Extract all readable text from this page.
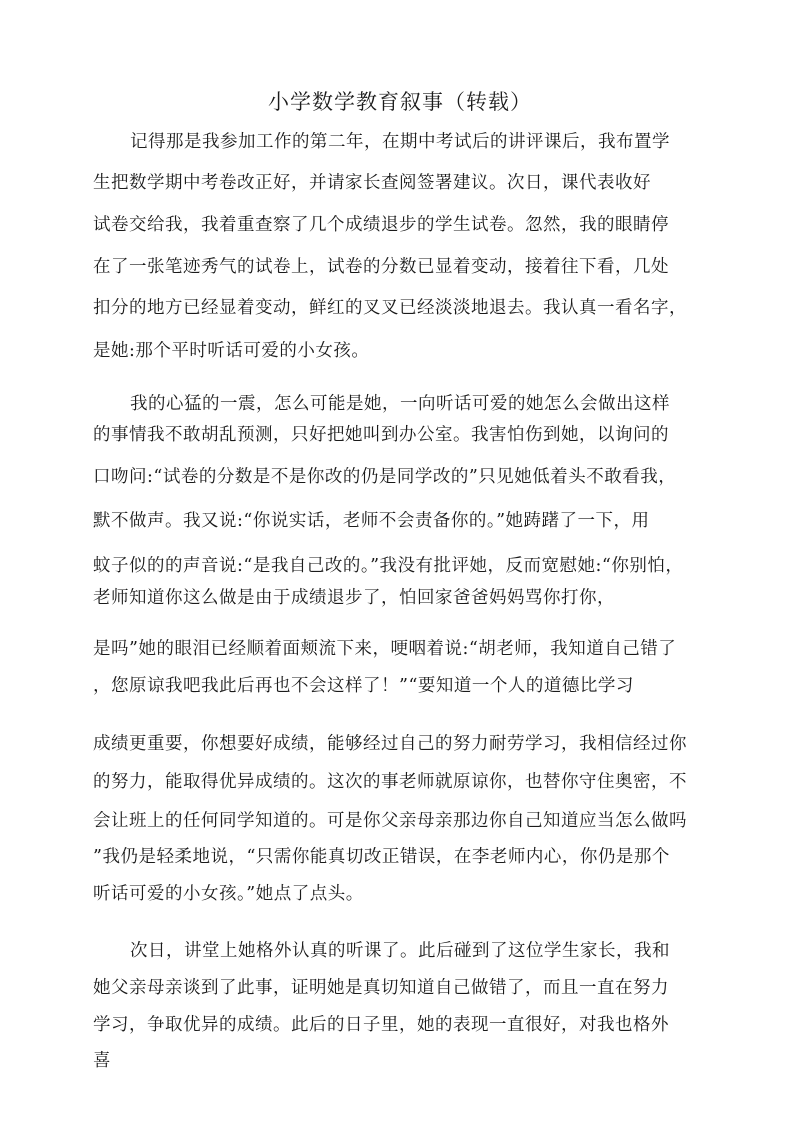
小学数学教育叙事（转载）
记得那是我参加工作的第二年，在期中考试后的讲评课后，我布置学
生把数学期中考卷改正好，并请家长查阅签署建议。次日，课代表收好
试卷交给我，我着重查察了几个成绩退步的学生试卷。忽然，我的眼睛停
在了一张笔迹秀气的试卷上，试卷的分数已显着变动，接着往下看，几处
扣分的地方已经显着变动，鲜红的叉叉已经淡淡地退去。我认真一看名字，
是她:那个平时听话可爱的小女孩。
我的心猛的一震，怎么可能是她，一向听话可爱的她怎么会做出这样
的事情我不敢胡乱预测，只好把她叫到办公室。我害怕伤到她，以询问的
口吻问:“试卷的分数是不是你改的仍是同学改的”只见她低着头不敢看我，
默不做声。我又说:“你说实话，老师不会责备你的。”她踌躇了一下，用
蚊子似的的声音说:“是我自己改的。”我没有批评她，反而宽慰她:“你别怕，
老师知道你这么做是由于成绩退步了，怕回家爸爸妈妈骂你打你，
是吗”她的眼泪已经顺着面颊流下来，哽咽着说:“胡老师，我知道自己错了
，您原谅我吧我此后再也不会这样了！”“要知道一个人的道德比学习
成绩更重要，你想要好成绩，能够经过自己的努力耐劳学习，我相信经过你
的努力，能取得优异成绩的。这次的事老师就原谅你，也替你守住奥密，不
会让班上的任何同学知道的。可是你父亲母亲那边你自己知道应当怎么做吗
”我仍是轻柔地说，“只需你能真切改正错误，在李老师内心，你仍是那个
听话可爱的小女孩。”她点了点头。
次日，讲堂上她格外认真的听课了。此后碰到了这位学生家长，我和
她父亲母亲谈到了此事，证明她是真切知道自己做错了，而且一直在努力
学习，争取优异的成绩。此后的日子里，她的表现一直很好，对我也格外
喜
